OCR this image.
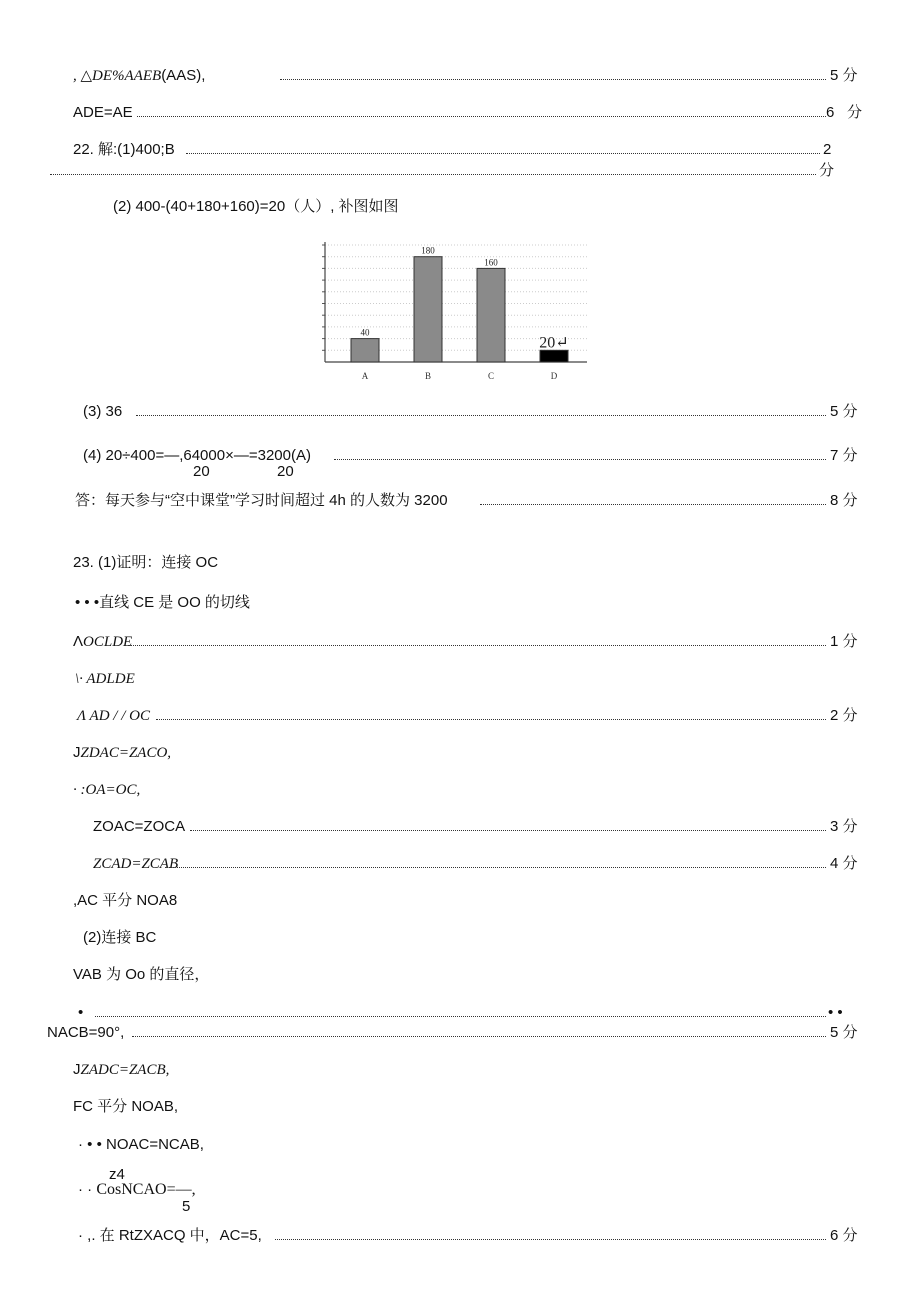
, △DE%AAEB(AAS),	5 分
ADE=AE	6 分
22. 解:(1)400;B	2
分
(2) 400-(40+180+160)=20（人）, 补图如图
40
A
180
B
160
C
20↵
D
(3) 36	5 分
(4) 20÷400=—,64000×—=3200(A)
20	20
7 分
答：每天参与“空中课堂”学习时间超过 4h 的人数为 3200	8 分
23. (1)证明：连接 OC
• • •直线 CE 是 OO 的切线
ΛOCLDE	1 分
\· ADLDE
Λ AD / / OC	2 分
JZDAC=ZACO,
· :OA=OC,
ZOAC=ZOCA	3 分
ZCAD=ZCAB	4 分
,AC 平分 NOA8
(2)连接 BC
VAB 为 Oo 的直径，
•	• •
NACB=90°,	5 分
JZADC=ZACB,
FC 平分 NOAB,
· • • NOAC=NCAB,
z4
· · CosNCAO=—,
5
· ,. 在 RtZXACQ 中，AC=5,	6 分
